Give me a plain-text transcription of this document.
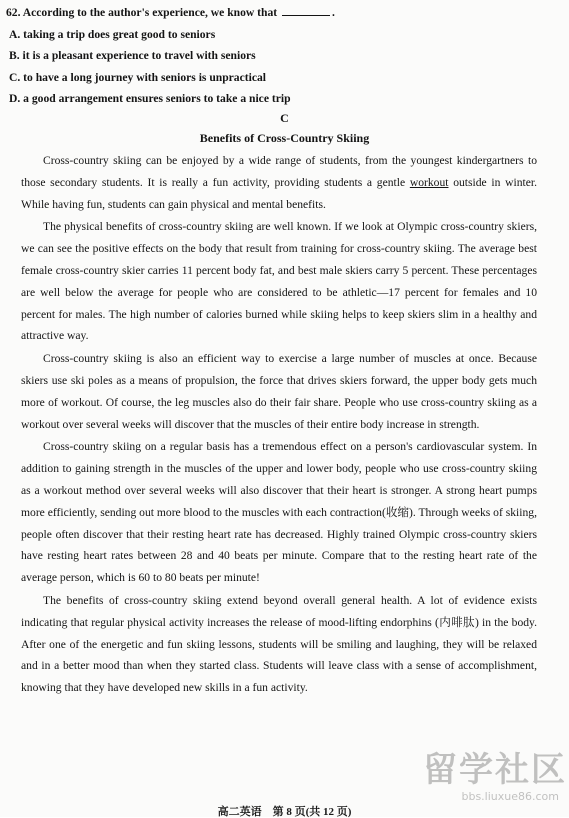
62. According to the author's experience, we know that	.
A. taking a trip does great good to seniors
B. it is a pleasant experience to travel with seniors
C. to have a long journey with seniors is unpractical
D. a good arrangement ensures seniors to take a nice trip
C
Benefits of Cross-Country Skiing

Cross-country skiing can be enjoyed by a wide range of students, from the youngest kindergartners to those secondary students. It is really a fun activity, providing students a gentle workout outside in winter. While having fun, students can gain physical and mental benefits.

The physical benefits of cross-country skiing are well known. If we look at Olympic cross-country skiers, we can see the positive effects on the body that result from training for cross-country skiing. The average best female cross-country skier carries 11 percent body fat, and best male skiers carry 5 percent. These percentages are well below the average for people who are considered to be athletic—17 percent for females and 10 percent for males. The high number of calories burned while skiing helps to keep skiers slim in a healthy and attractive way.

Cross-country skiing is also an efficient way to exercise a large number of muscles at once. Because skiers use ski poles as a means of propulsion, the force that drives skiers forward, the upper body gets much more of workout. Of course, the leg muscles also do their fair share. People who use cross-country skiing as a workout over several weeks will discover that the muscles of their entire body increase in strength.

Cross-country skiing on a regular basis has a tremendous effect on a person's cardiovascular system. In addition to gaining strength in the muscles of the upper and lower body, people who use cross-country skiing as a workout method over several weeks will also discover that their heart is stronger. A strong heart pumps more efficiently, sending out more blood to the muscles with each contraction(收缩). Through weeks of skiing, people often discover that their resting heart rate has decreased. Highly trained Olympic cross-country skiers have resting heart rates between 28 and 40 beats per minute. Compare that to the resting heart rate of the average person, which is 60 to 80 beats per minute!

The benefits of cross-country skiing extend beyond overall general health. A lot of evidence exists indicating that regular physical activity increases the release of mood-lifting endorphins (内啡肽) in the body. After one of the energetic and fun skiing lessons, students will be smiling and laughing, they will be relaxed and in a better mood than when they started class. Students will leave class with a sense of accomplishment, knowing that they have developed new skills in a fun activity.

高二英语　第 8 页(共 12 页)
留学社区
bbs.liuxue86.com
